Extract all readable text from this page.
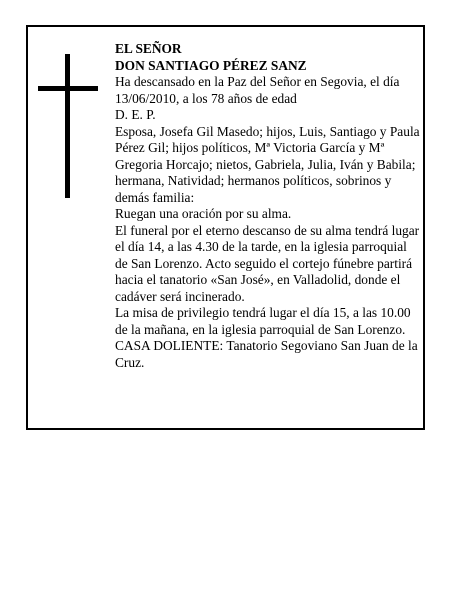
EL SEÑOR

DON SANTIAGO PÉREZ SANZ

Ha descansado en la Paz del Señor en Segovia, el día 13/06/2010, a los 78 años de edad

D. E. P.

Esposa, Josefa Gil Masedo; hijos, Luis, Santiago y Paula Pérez Gil; hijos políticos, Mª Victoria García y Mª Gregoria Horcajo; nietos, Gabriela, Julia, Iván y Babila; hermana, Natividad; hermanos políticos, sobrinos y demás familia:

Ruegan una oración por su alma.

El funeral por el eterno descanso de su alma tendrá lugar el día 14, a las 4.30 de la tarde, en la iglesia parroquial de San Lorenzo. Acto seguido el cortejo fúnebre partirá hacia el tanatorio «San José», en Valladolid, donde el cadáver será incinerado.

La misa de privilegio tendrá lugar el día 15, a las 10.00 de la mañana, en la iglesia parroquial de San Lorenzo.

CASA DOLIENTE: Tanatorio Segoviano San Juan de la Cruz.
